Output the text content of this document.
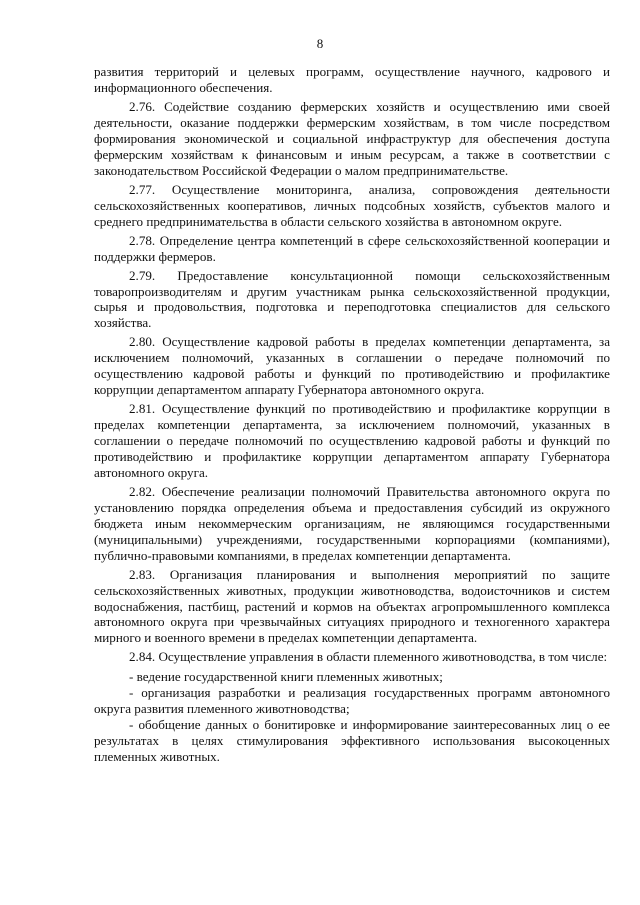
8

развития территорий и целевых программ, осуществление научного, кадрового и информационного обеспечения.

2.76. Содействие созданию фермерских хозяйств и осуществлению ими своей деятельности, оказание поддержки фермерским хозяйствам, в том числе посредством формирования экономической и социальной инфраструктур для обеспечения доступа фермерским хозяйствам к финансовым и иным ресурсам, а также в соответствии с законодательством Российской Федерации о малом предпринимательстве.

2.77. Осуществление мониторинга, анализа, сопровождения деятельности сельскохозяйственных кооперативов, личных подсобных хозяйств, субъектов малого и среднего предпринимательства в области сельского хозяйства в автономном округе.

2.78. Определение центра компетенций в сфере сельскохозяйственной кооперации и поддержки фермеров.

2.79. Предоставление консультационной помощи сельскохозяйственным товаропроизводителям и другим участникам рынка сельскохозяйственной продукции, сырья и продовольствия, подготовка и переподготовка специалистов для сельского хозяйства.

2.80. Осуществление кадровой работы в пределах компетенции департамента, за исключением полномочий, указанных в соглашении о передаче полномочий по осуществлению кадровой работы и функций по противодействию и профилактике коррупции департаментом аппарату Губернатора автономного округа.

2.81. Осуществление функций по противодействию и профилактике коррупции в пределах компетенции департамента, за исключением полномочий, указанных в соглашении о передаче полномочий по осуществлению кадровой работы и функций по противодействию и профилактике коррупции департаментом аппарату Губернатора автономного округа.

2.82. Обеспечение реализации полномочий Правительства автономного округа по установлению порядка определения объема и предоставления субсидий из окружного бюджета иным некоммерческим организациям, не являющимся государственными (муниципальными) учреждениями, государственными корпорациями (компаниями), публично-правовыми компаниями, в пределах компетенции департамента.

2.83. Организация планирования и выполнения мероприятий по защите сельскохозяйственных животных, продукции животноводства, водоисточников и систем водоснабжения, пастбищ, растений и кормов на объектах агропромышленного комплекса автономного округа при чрезвычайных ситуациях природного и техногенного характера мирного и военного времени в пределах компетенции департамента.

2.84. Осуществление управления в области племенного животноводства, в том числе:

- ведение государственной книги племенных животных;

- организация разработки и реализация государственных программ автономного округа развития племенного животноводства;

- обобщение данных о бонитировке и информирование заинтересованных лиц о ее результатах в целях стимулирования эффективного использования высокоценных племенных животных.
